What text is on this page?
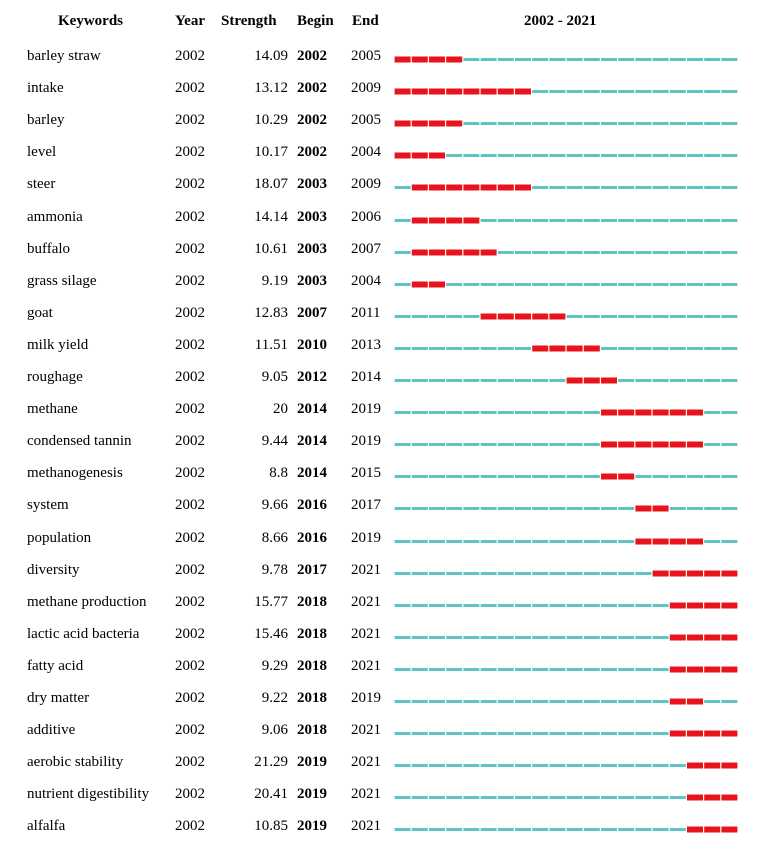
Keywords	Year Strength Begin End	2002 - 2021
barley straw	2002	14.09 2002 2005
intake	2002	13.12 2002 2009
barley	2002	10.29 2002 2005
level	2002	10.17 2002 2004
steer	2002	18.07 2003 2009
ammonia	2002	14.14 2003 2006
buffalo	2002	10.61 2003 2007
grass silage	2002	9.19 2003 2004
goat	2002	12.83 2007 2011
milk yield	2002	11.51 2010 2013
roughage	2002	9.05 2012 2014
methane	2002	20 2014 2019
condensed tannin	2002	9.44 2014 2019
methanogenesis	2002	8.8 2014 2015
system	2002	9.66 2016 2017
population	2002	8.66 2016 2019
diversity	2002	9.78 2017 2021
methane production 2002	15.77 2018 2021
lactic acid bacteria 2002	15.46 2018 2021
fatty acid	2002	9.29 2018 2021
dry matter	2002	9.22 2018 2019
additive	2002	9.06 2018 2021
aerobic stability	2002	21.29 2019 2021
nutrient digestibility 2002	20.41 2019 2021
alfalfa	2002	10.85 2019 2021
